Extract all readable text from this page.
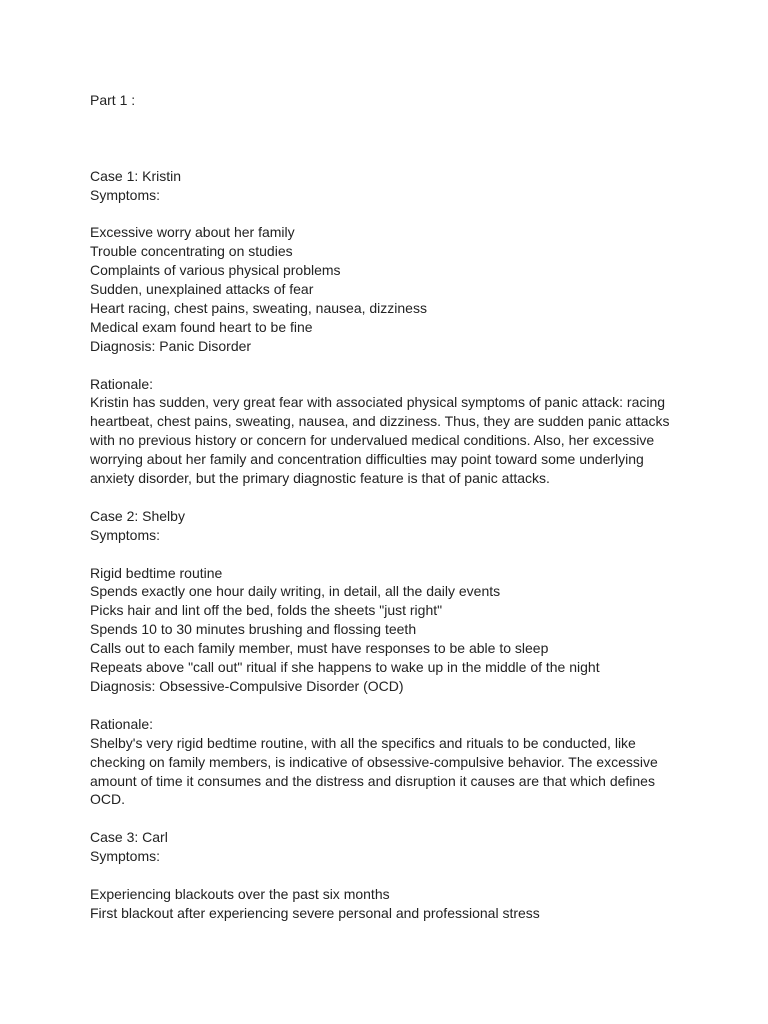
Part 1 :
Case 1: Kristin
Symptoms:
Excessive worry about her family
Trouble concentrating on studies
Complaints of various physical problems
Sudden, unexplained attacks of fear
Heart racing, chest pains, sweating, nausea, dizziness
Medical exam found heart to be fine
Diagnosis: Panic Disorder
Rationale:
Kristin has sudden, very great fear with associated physical symptoms of panic attack: racing
heartbeat, chest pains, sweating, nausea, and dizziness. Thus, they are sudden panic attacks
with no previous history or concern for undervalued medical conditions. Also, her excessive
worrying about her family and concentration difficulties may point toward some underlying
anxiety disorder, but the primary diagnostic feature is that of panic attacks.
Case 2: Shelby
Symptoms:
Rigid bedtime routine
Spends exactly one hour daily writing, in detail, all the daily events
Picks hair and lint off the bed, folds the sheets "just right"
Spends 10 to 30 minutes brushing and flossing teeth
Calls out to each family member, must have responses to be able to sleep
Repeats above "call out" ritual if she happens to wake up in the middle of the night
Diagnosis: Obsessive-Compulsive Disorder (OCD)
Rationale:
Shelby's very rigid bedtime routine, with all the specifics and rituals to be conducted, like
checking on family members, is indicative of obsessive-compulsive behavior. The excessive
amount of time it consumes and the distress and disruption it causes are that which defines
OCD.
Case 3: Carl
Symptoms:
Experiencing blackouts over the past six months
First blackout after experiencing severe personal and professional stress
